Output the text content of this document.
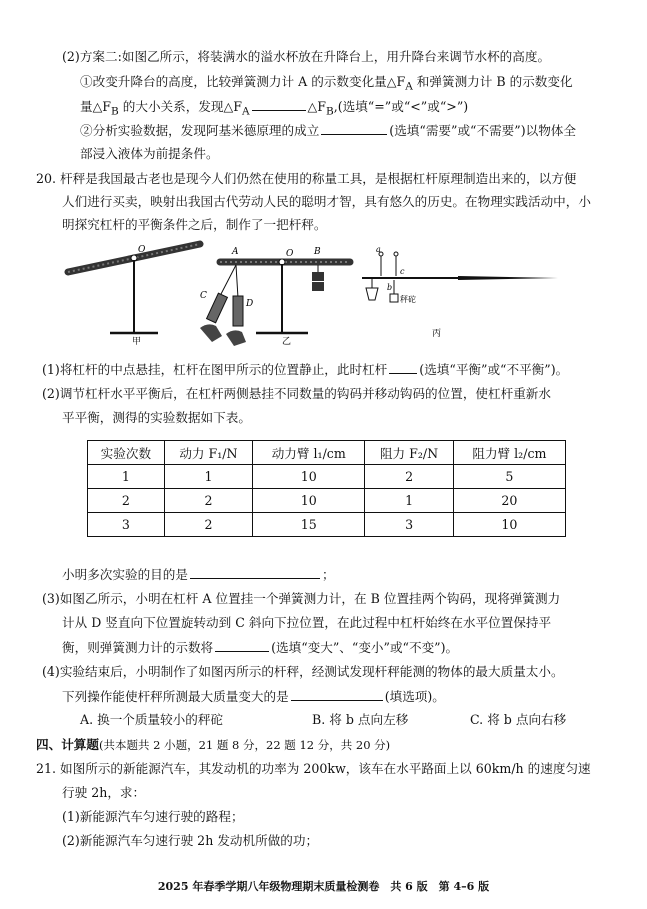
(2)方案二:如图乙所示，将装满水的溢水杯放在升降台上，用升降台来调节水杯的高度。
①改变升降台的高度，比较弹簧测力计 A 的示数变化量$\triangle F_A$ 和弹簧测力计 B 的示数变化
量$\triangle F_B$ 的大小关系，发现$\triangle F_A$	$\triangle F_B$,(选填“=”或“<”或“>”)
②分析实验数据，发现阿基米德原理的成立	(选填“需要”或“不需要”)以物体全
部浸入液体为前提条件。
20. 杆秤是我国最古老也是现今人们仍然在使用的称量工具，是根据杠杆原理制造出来的，以方便
人们进行买卖，映射出我国古代劳动人民的聪明才智，具有悠久的历史。在物理实践活动中，小
明探究杠杆的平衡条件之后，制作了一把杆秤。
O
甲
O
A	B
C
D
乙
a
b
c
秤砣
丙
(1)将杠杆的中点悬挂，杠杆在图甲所示的位置静止，此时杠杆	(选填“平衡”或“不平衡”)。
(2)调节杠杆水平平衡后，在杠杆两侧悬挂不同数量的钩码并移动钩码的位置，使杠杆重新水
平平衡，测得的实验数据如下表。
实验次数	动力 F₁/N	动力臂 l₁/cm	阻力 F₂/N	阻力臂 l₂/cm
1	1	10	2	5
2	2	10	1	20
3	2	15	3	10
小明多次实验的目的是	；
(3)如图乙所示，小明在杠杆 A 位置挂一个弹簧测力计，在 B 位置挂两个钩码，现将弹簧测力
计从 D 竖直向下位置旋转动到 C 斜向下拉位置，在此过程中杠杆始终在水平位置保持平
衡，则弹簧测力计的示数将	(选填“变大”、“变小”或“不变”)。
(4)实验结束后，小明制作了如图丙所示的杆秤，经测试发现杆秤能测的物体的最大质量太小。
下列操作能使杆秤所测最大质量变大的是	(填选项)。
A. 换一个质量较小的秤砣	B. 将 b 点向左移	C. 将 b 点向右移
四、计算题(共本题共 2 小题，21 题 8 分，22 题 12 分，共 20 分)
21. 如图所示的新能源汽车，其发动机的功率为 200kw，该车在水平路面上以 60km/h 的速度匀速
行驶 2h，求：
(1)新能源汽车匀速行驶的路程；
(2)新能源汽车匀速行驶 2h 发动机所做的功；
2025 年春季学期八年级物理期末质量检测卷　共 6 版　第 4–6 版
